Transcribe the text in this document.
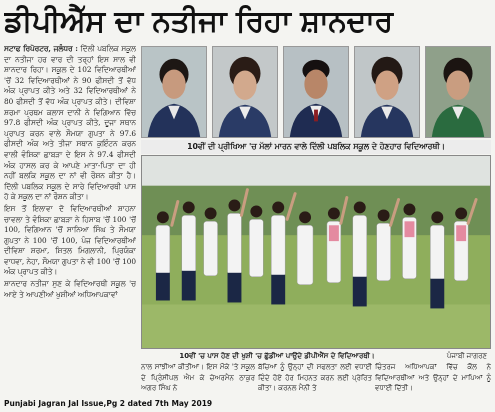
ਡੀਪੀਐੱਸ ਦਾ ਨਤੀਜਾ ਰਿਹਾ ਸ਼ਾਨਦਾਰ

ਸਟਾਫ ਰਿਪੋਰਟਰ, ਜਲੰਧਰ : ਦਿੱਲੀ ਪਬਲਿਕ ਸਕੂਲ ਦਾ ਨਤੀਜਾ ਹਰ ਵਾਰ ਦੀ ਤਰ੍ਹਾਂ ਇਸ ਸਾਲ ਵੀ ਸ਼ਾਨਦਾਰ ਰਿਹਾ। ਸਕੂਲ ਦੇ 102 ਵਿਦਿਆਰਥੀਆਂ 'ਚੋਂ 32 ਵਿਦਿਆਰਥੀਆਂ ਨੇ 90 ਫੀਸਦੀ ਤੋਂ ਵੱਧ ਅੰਕ ਪ੍ਰਾਪਤ ਕੀਤੇ ਅਤੇ 32 ਵਿਦਿਆਰਥੀਆਂ ਨੇ 80 ਫੀਸਦੀ ਤੋਂ ਵੱਧ ਅੰਕ ਪ੍ਰਾਪਤ ਕੀਤੇ। ਦੀਵਿਸ਼ਾ ਸ਼ਰਮਾ ਪ੍ਰਥਮ ਕਲਾਸ ਦਾਨੀ ਨੇ ਵਿਗਿਆਨ ਵਿੱਚ 97.8 ਫੀਸਦੀ ਅੰਕ ਪ੍ਰਾਪਤ ਕੀਤੇ, ਦੂਜਾ ਸਥਾਨ ਪ੍ਰਾਪਤ ਕਰਨ ਵਾਲੇ ਸੌਮਯਾ ਗੁਪਤਾ ਨੇ 97.6 ਫੀਸਦੀ ਅੰਕ ਅਤੇ ਤੀਜਾ ਸਥਾਨ ਕੁਇੰਟਨ ਕਰਨ ਵਾਲੀ ਵੰਸ਼ਿਕਾ ਛਾਬੜਾ ਦੇ ਇਸ ਨੇ 97.4 ਫੀਸਦੀ ਅੰਕ ਹਾਸਲ ਕਰ ਕੇ ਆਪਣੇ ਮਾਤਾ-ਪਿਤਾ ਦਾ ਹੀ ਨਹੀਂ ਬਲਕਿ ਸਕੂਲ ਦਾ ਨਾਂ ਵੀ ਰੌਸ਼ਨ ਕੀਤਾ ਹੈ। ਦਿੱਲੀ ਪਬਲਿਕ ਸਕੂਲ ਦੇ ਸਾਰੇ ਵਿਦਿਆਰਥੀ ਪਾਸ ਹੋ ਕੇ ਸਕੂਲ ਦਾ ਨਾਂ ਰੌਸ਼ਨ ਕੀਤਾ।

ਇਸ ਤੋਂ ਇਲਾਵਾ ਦੋ ਵਿਦਿਆਰਥੀਆਂ ਸ਼ਾਹਨਾ ਚਾਵਲਾ ਤੇ ਵੰਸ਼ਿਕਾ ਛਾਬੜਾ ਨੇ ਹਿਸਾਬ 'ਚੋਂ 100 'ਚੋਂ 100, ਵਿਗਿਆਨ 'ਚੋਂ ਸਾਨਿਆ ਸਿੰਘ ਤੇ ਸੌਮਯਾ ਗੁਪਤਾ ਨੇ 100 'ਚੋਂ 100, ਪੰਜ ਵਿਦਿਆਰਥੀਆਂ ਦੀਵਿਸ਼ਾ ਸ਼ਰਮਾ, ਸ਼ਿਤਲ ਮਿਗਲਾਨੀ, ਪ੍ਰਿਯੰਕਾ ਵਾਧਵਾ, ਨੇਹਾ, ਸੌਮਯਾ ਗੁਪਤਾ ਨੇ ਵੀ 100 'ਚੋਂ 100 ਅੰਕ ਪ੍ਰਾਪਤ ਕੀਤੇ।

ਸ਼ਾਨਦਾਰ ਨਤੀਜਾ ਸੁਣ ਕੇ ਵਿਦਿਆਰਥੀ ਸਕੂਲ 'ਚ ਆਏ ਤੇ ਆਪਣੀਆਂ ਖੁਸ਼ੀਆਂ ਅਧਿਆਪਕਾਵਾਂ

10ਵੀਂ ਦੀ ਪ੍ਰੀਖਿਆ 'ਚ ਮੱਲਾਂ ਮਾਰਨ ਵਾਲੇ ਦਿੱਲੀ ਪਬਲਿਕ ਸਕੂਲ ਦੇ ਹੋਣਹਾਰ ਵਿਦਿਆਰਥੀ।
10ਵੀਂ 'ਚ ਪਾਸ ਹੋਣ ਦੀ ਖੁਸ਼ੀ 'ਚ ਛੁੱਡੀਆਂ ਪਾਉਂਦੇ ਡੀਪੀਐੱਸ ਦੇ ਵਿਦਿਆਰਥੀ।	ਪੰਜਾਬੀ ਜਾਗਰਣ
ਨਾਲ ਸਾਂਝੀਆਂ ਕੀਤੀਆਂ। ਇਸ ਮੌਕੇ 'ਤੇ ਸਕੂਲ ਦੇ ਪ੍ਰਿੰਸੀਪਲ ਐਮ ਕੇ ਚੇਅਰਮੈਨ ਠਾਕੁਰ ਅਗਰ ਸਿੰਘ ਨੇ
ਬੱਚਿਆਂ ਨੂੰ ਉਨ੍ਹਾਂ ਦੀ ਸਫਲਤਾ ਲਈ ਵਧਾਈ ਦਿੰਦੇ ਹੋਏ ਹੋਰ ਮਿਹਨਤ ਕਰਨ ਲਈ ਪ੍ਰੇਰਿਤ ਕੀਤਾ। ਕਰਨਲ ਮੈਨੀ ਤੇ
ਚਿੰਤਰਜ ਅਧਿਆਪਕਾਂ ਵਿੱਚ ਕੌਲ ਨੇ ਵਿਦਿਆਰਥੀਆਂ ਅਤੇ ਉਨ੍ਹਾਂ ਦੇ ਮਾਪਿਆਂ ਨੂੰ ਵਧਾਈ ਦਿੱਤੀ।
Punjabi Jagran Jal Issue,Pg 2 dated 7th May 2019
